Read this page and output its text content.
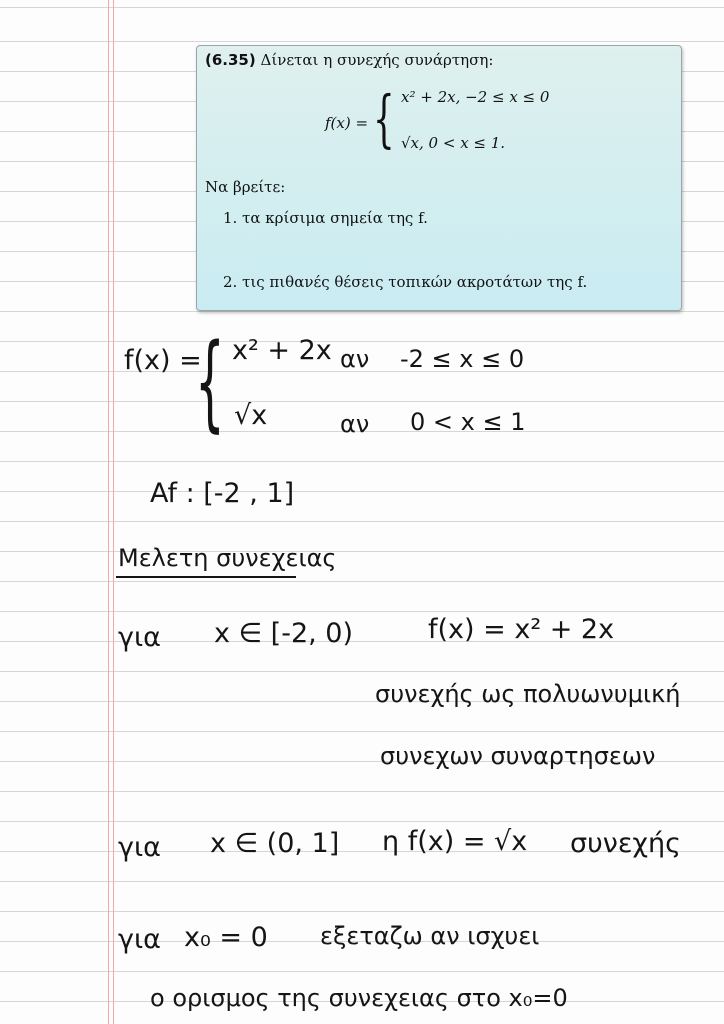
(6.35) Δίνεται η συνεχής συνάρτηση:
f(x) = { x² + 2x, −2 ≤ x ≤ 0
√x, 0 < x ≤ 1.
Να βρείτε:
1. τα κρίσιμα σημεία της f.
2. τις πιθανές θέσεις τοπικών ακροτάτων της f.
f(x) =
{ x² + 2x αν -2 ≤ x ≤ 0
√x	αν 0 < x ≤ 1
Af : [-2 , 1]
Μελετη συνεχειας
για x ∈ [-2, 0)	f(x) = x² + 2x
συνεχής ως πολυωνυμική
συνεχων συναρτησεων
για x ∈ (0, 1] η f(x) = √x συνεχής
για x₀ = 0 εξεταζω αν ισχυει
ο ορισμος της συνεχειας στο x₀=0
